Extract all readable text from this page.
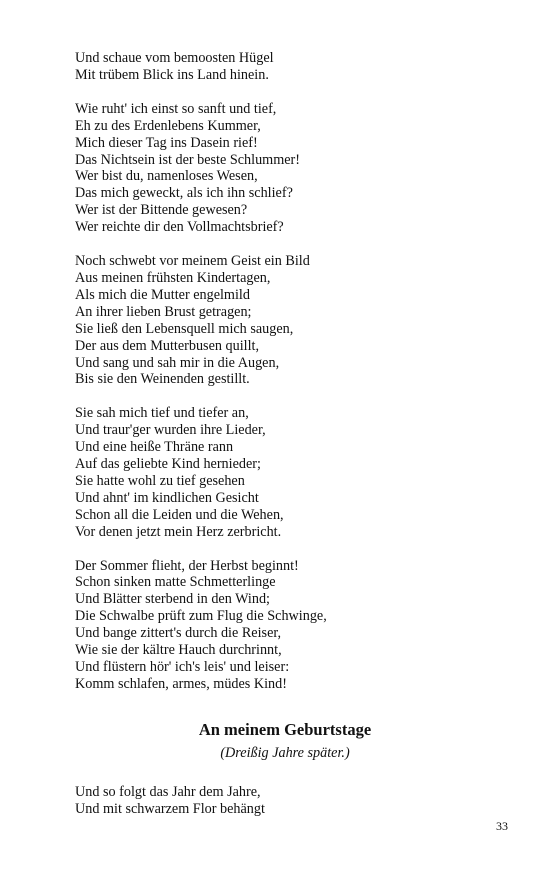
Und schaue vom bemoosten Hügel
Mit trübem Blick ins Land hinein.
Wie ruht' ich einst so sanft und tief,
Eh zu des Erdenlebens Kummer,
Mich dieser Tag ins Dasein rief!
Das Nichtsein ist der beste Schlummer!
Wer bist du, namenloses Wesen,
Das mich geweckt, als ich ihn schlief?
Wer ist der Bittende gewesen?
Wer reichte dir den Vollmachtsbrief?
Noch schwebt vor meinem Geist ein Bild
Aus meinen frühsten Kindertagen,
Als mich die Mutter engelmild
An ihrer lieben Brust getragen;
Sie ließ den Lebensquell mich saugen,
Der aus dem Mutterbusen quillt,
Und sang und sah mir in die Augen,
Bis sie den Weinenden gestillt.
Sie sah mich tief und tiefer an,
Und traur'ger wurden ihre Lieder,
Und eine heiße Thräne rann
Auf das geliebte Kind hernieder;
Sie hatte wohl zu tief gesehen
Und ahnt' im kindlichen Gesicht
Schon all die Leiden und die Wehen,
Vor denen jetzt mein Herz zerbricht.
Der Sommer flieht, der Herbst beginnt!
Schon sinken matte Schmetterlinge
Und Blätter sterbend in den Wind;
Die Schwalbe prüft zum Flug die Schwinge,
Und bange zittert's durch die Reiser,
Wie sie der kältre Hauch durchrinnt,
Und flüstern hör' ich's leis' und leiser:
Komm schlafen, armes, müdes Kind!
An meinem Geburtstage
(Dreißig Jahre später.)
Und so folgt das Jahr dem Jahre,
Und mit schwarzem Flor behängt
33
